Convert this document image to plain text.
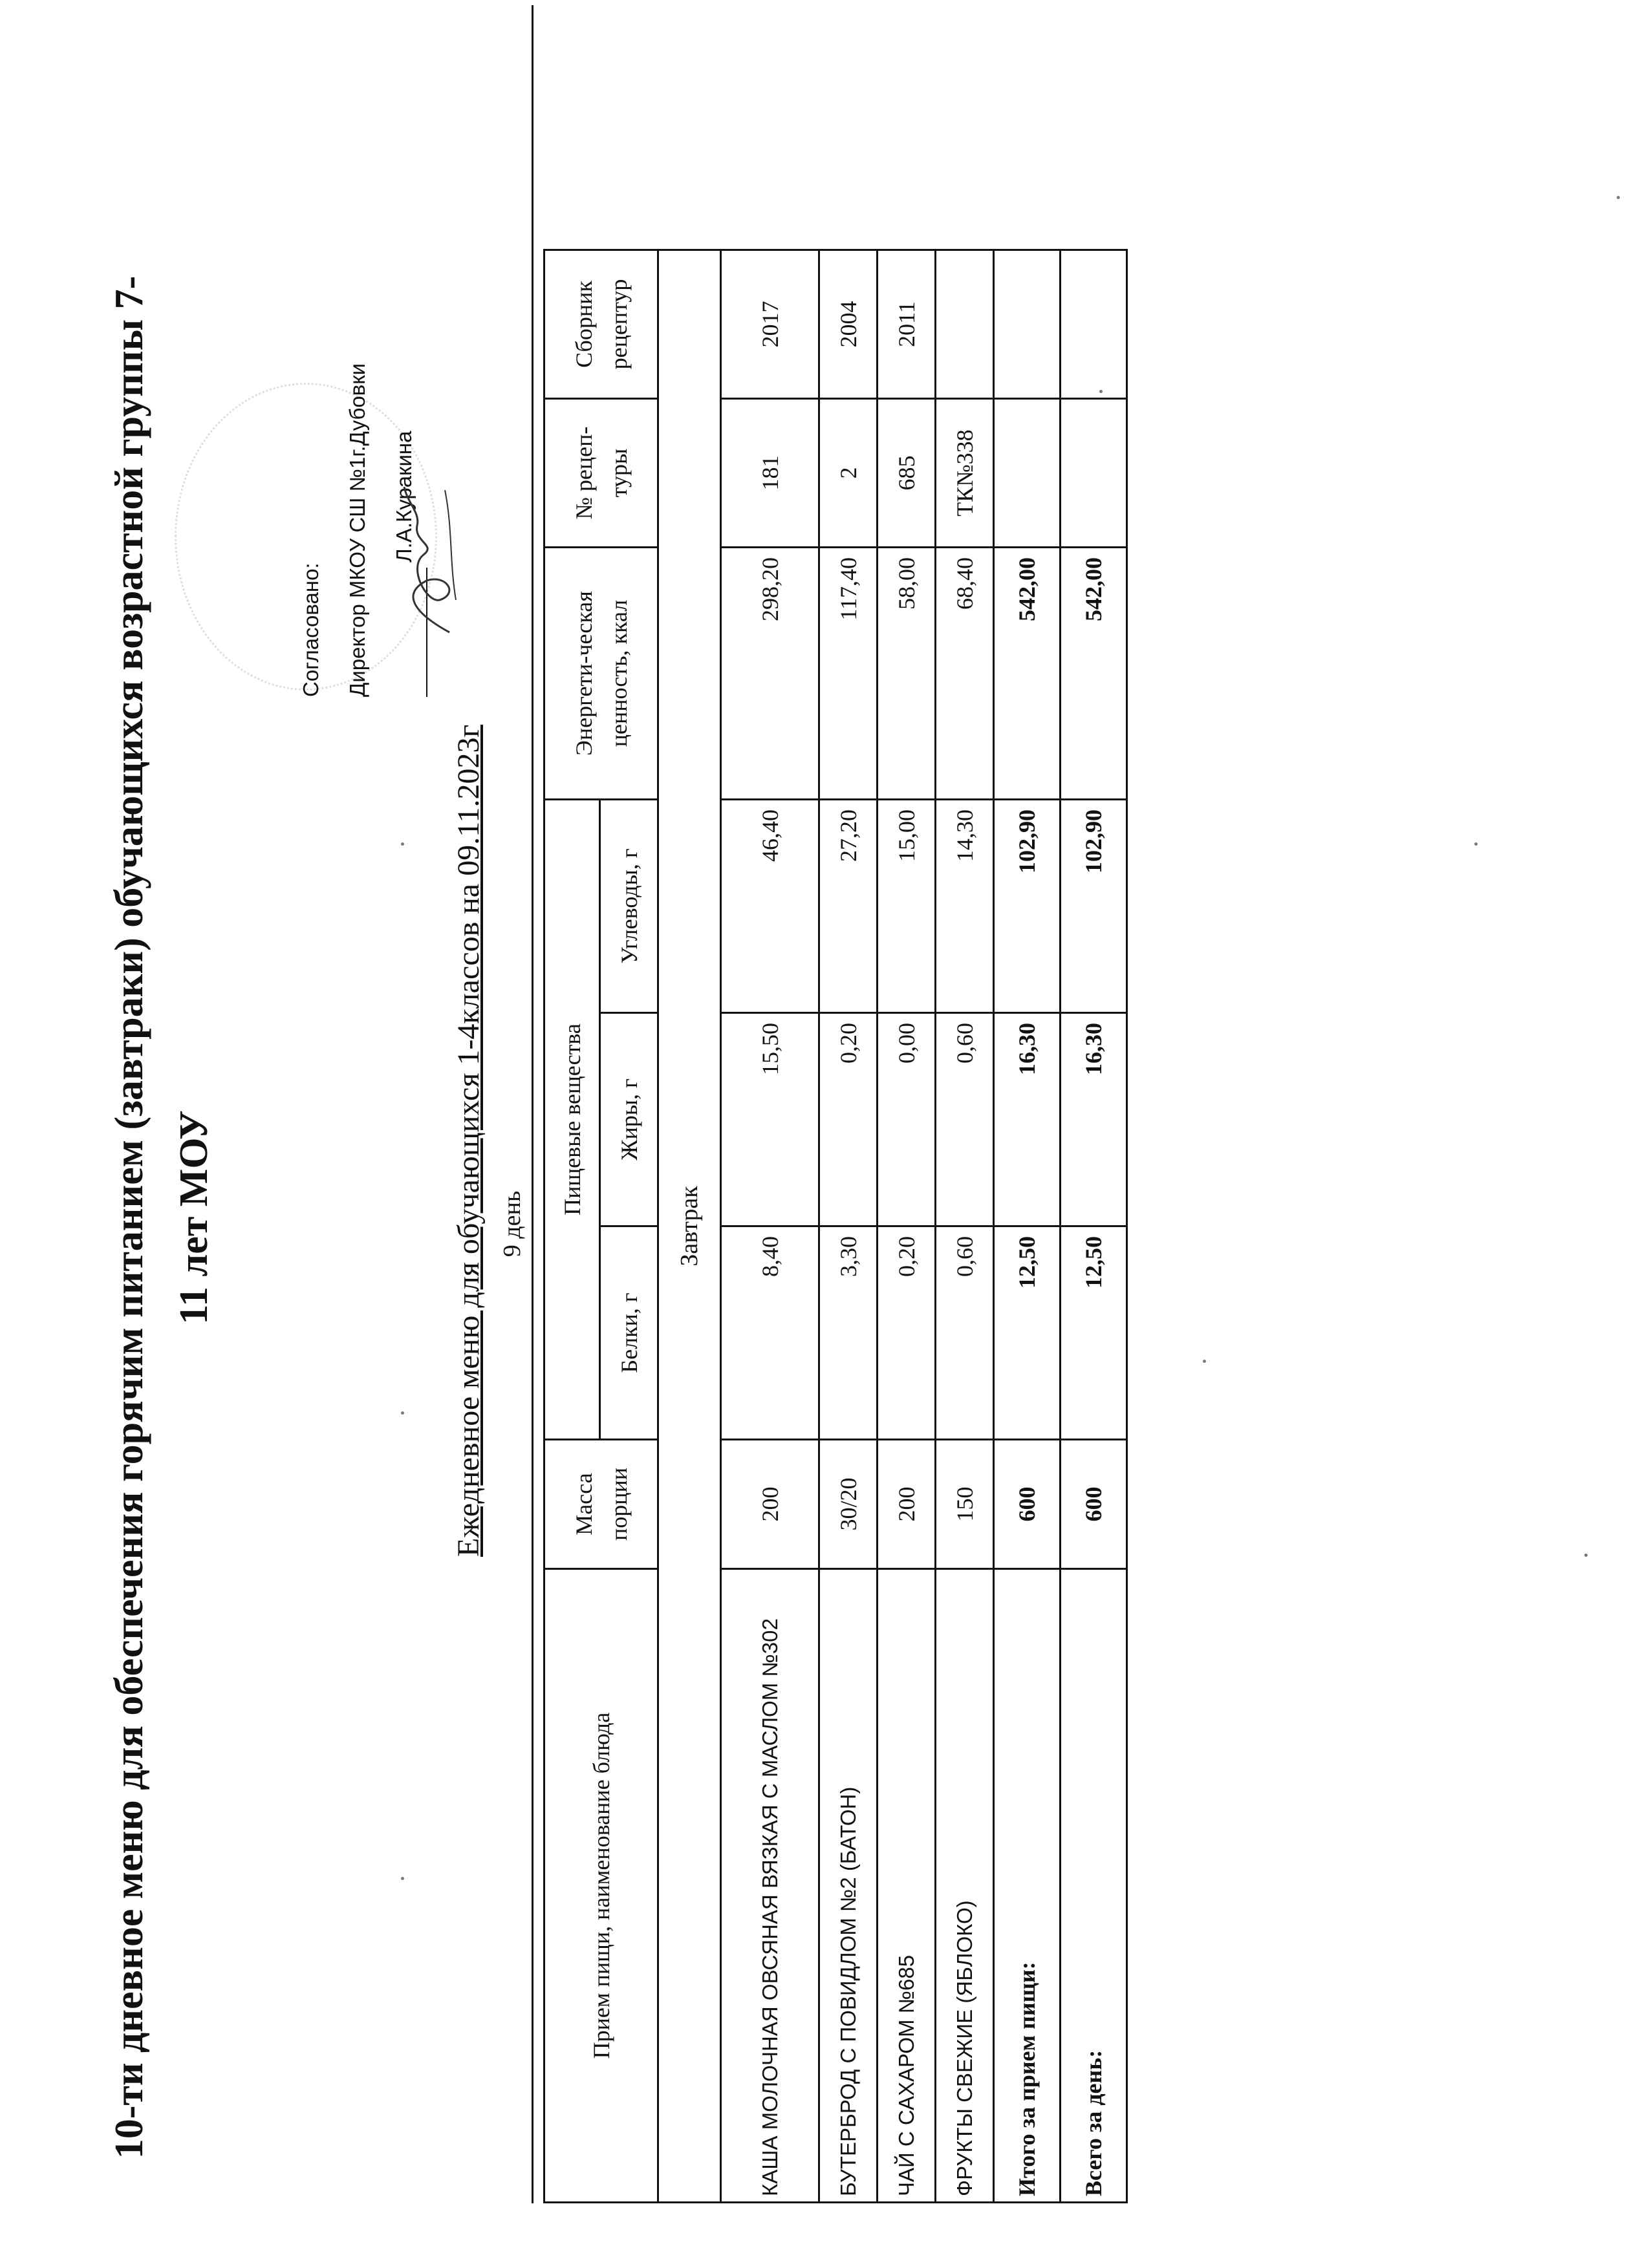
10-ти дневное меню для обеспечения горячим питанием (завтраки) обучающихся возрастной группы 7- 11 лет МОУ
Согласовано:	Директор МКОУ СШ №1г.Дубовки	Л.А.Куракина
Ежедневное меню для обучающихся 1-4классов на 09.11.2023г 9 день
Прием пищи, наименование блюда	Масса порции	Пищевые вещества			Энергети-ческая ценность, ккал	№ рецеп-туры	Сборник рецептур
		Белки, г	Жиры, г	Углеводы, г			
Завтрак							
КАША МОЛОЧНАЯ ОВСЯНАЯ ВЯЗКАЯ С МАСЛОМ №302	200	8,40	15,50	46,40	298,20	181	2017
БУТЕРБРОД С ПОВИДЛОМ №2 (БАТОН)	30/20	3,30	0,20	27,20	117,40	2	2004
ЧАЙ С САХАРОМ №685	200	0,20	0,00	15,00	58,00	685	2011
ФРУКТЫ СВЕЖИЕ (ЯБЛОКО)	150	0,60	0,60	14,30	68,40	ТК№338	
Итого за прием пищи:	600	12,50	16,30	102,90	542,00		
Всего за день:	600	12,50	16,30	102,90	542,00		
